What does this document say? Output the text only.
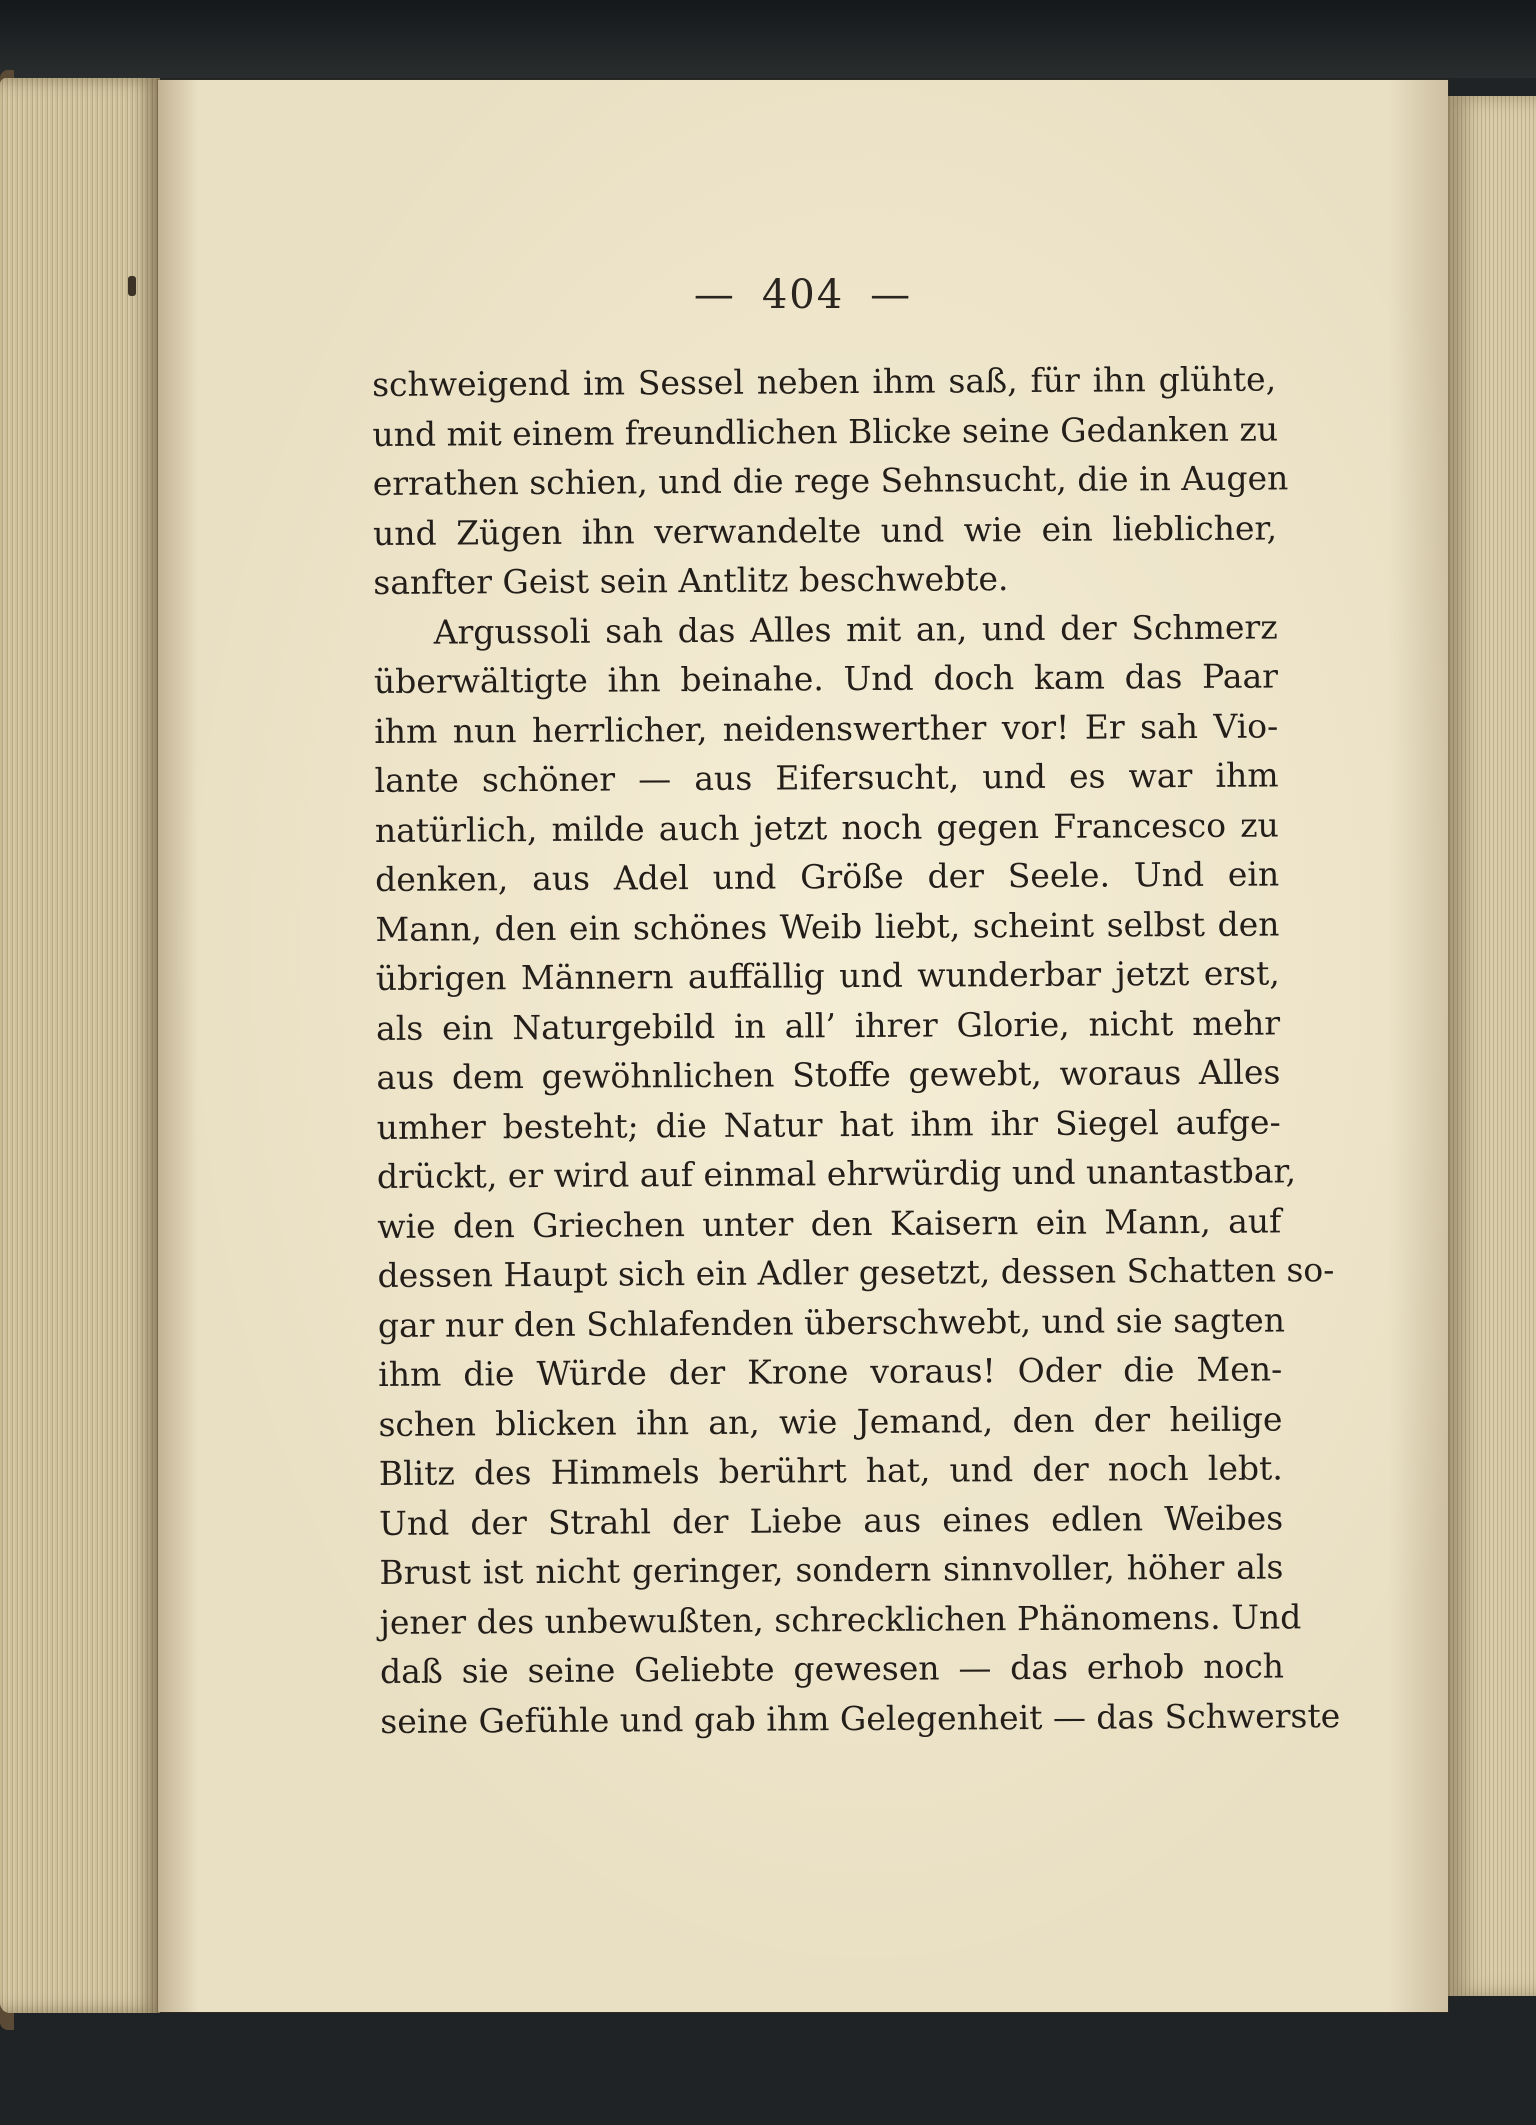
— 404 —
schweigend im Sessel neben ihm saß, für ihn glühte,
und mit einem freundlichen Blicke seine Gedanken zu
errathen schien, und die rege Sehnsucht, die in Augen
und Zügen ihn verwandelte und wie ein lieblicher,
sanfter Geist sein Antlitz beschwebte.
Argussoli sah das Alles mit an, und der Schmerz
überwältigte ihn beinahe. Und doch kam das Paar
ihm nun herrlicher, neidenswerther vor! Er sah Vio-
lante schöner — aus Eifersucht, und es war ihm
natürlich, milde auch jetzt noch gegen Francesco zu
denken, aus Adel und Größe der Seele. Und ein
Mann, den ein schönes Weib liebt, scheint selbst den
übrigen Männern auffällig und wunderbar jetzt erst,
als ein Naturgebild in all’ ihrer Glorie, nicht mehr
aus dem gewöhnlichen Stoffe gewebt, woraus Alles
umher besteht; die Natur hat ihm ihr Siegel aufge-
drückt, er wird auf einmal ehrwürdig und unantastbar,
wie den Griechen unter den Kaisern ein Mann, auf
dessen Haupt sich ein Adler gesetzt, dessen Schatten so-
gar nur den Schlafenden überschwebt, und sie sagten
ihm die Würde der Krone voraus! Oder die Men-
schen blicken ihn an, wie Jemand, den der heilige
Blitz des Himmels berührt hat, und der noch lebt.
Und der Strahl der Liebe aus eines edlen Weibes
Brust ist nicht geringer, sondern sinnvoller, höher als
jener des unbewußten, schrecklichen Phänomens. Und
daß sie seine Geliebte gewesen — das erhob noch
seine Gefühle und gab ihm Gelegenheit — das Schwerste
